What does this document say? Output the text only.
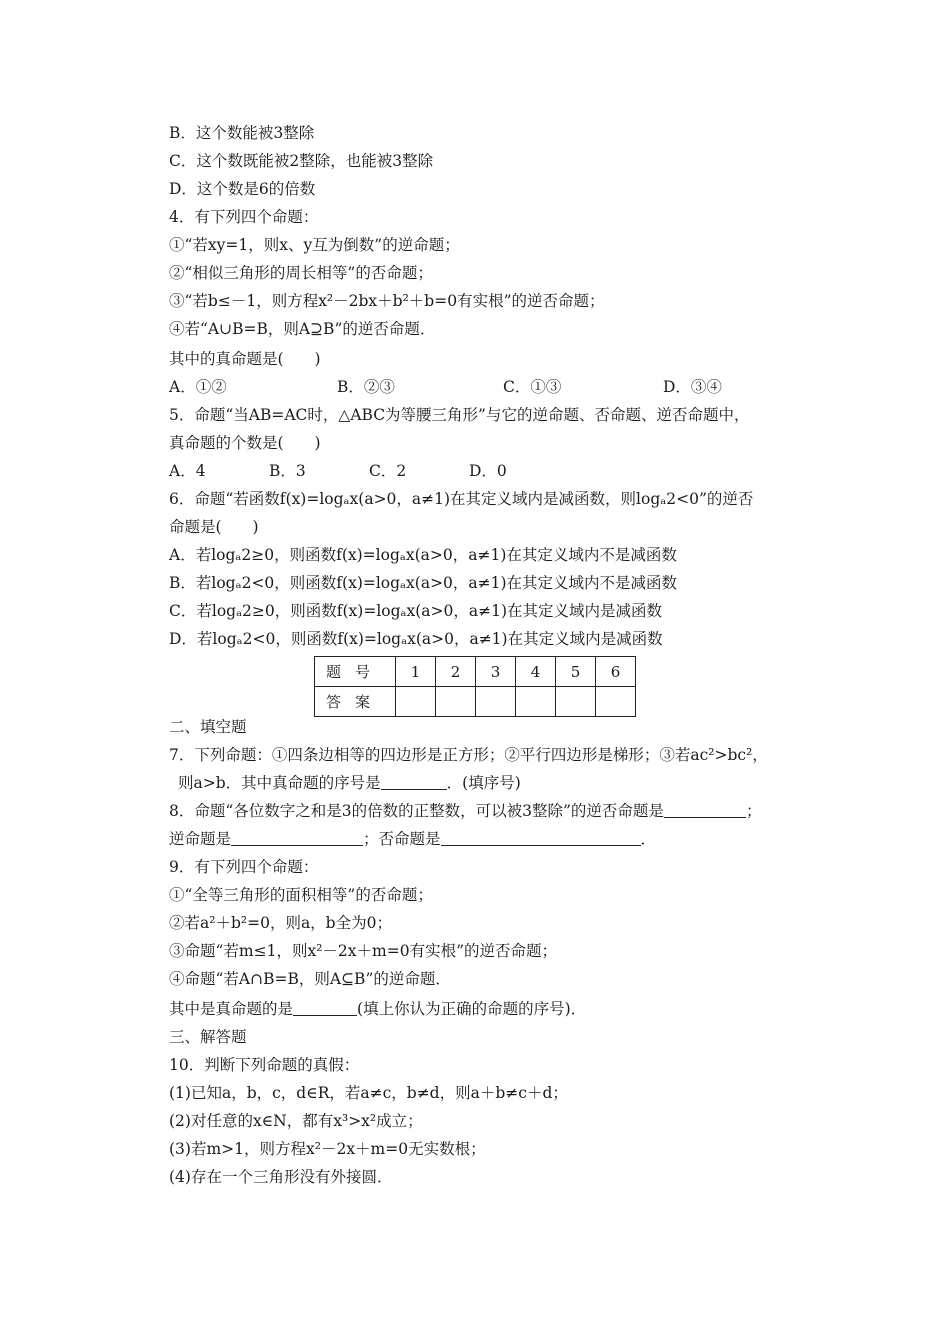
B．这个数能被3整除
C．这个数既能被2整除，也能被3整除
D．这个数是6的倍数
4．有下列四个命题：
①“若xy=1，则x、y互为倒数”的逆命题；
②“相似三角形的周长相等”的否命题；
③“若b≤－1，则方程x²－2bx＋b²＋b=0有实根”的逆否命题；
④若“A∪B=B，则A⊇B”的逆否命题．
其中的真命题是(　　)
A．①②	B．②③	C．①③	D．③④
5．命题“当AB=AC时，△ABC为等腰三角形”与它的逆命题、否命题、逆否命题中，
真命题的个数是(　　)
A．4	B．3	C．2	D．0
6．命题“若函数f(x)=logₐx(a>0，a≠1)在其定义域内是减函数，则logₐ2<0”的逆否
命题是(　　)
A．若logₐ2≥0，则函数f(x)=logₐx(a>0，a≠1)在其定义域内不是减函数
B．若logₐ2<0，则函数f(x)=logₐx(a>0，a≠1)在其定义域内不是减函数
C．若logₐ2≥0，则函数f(x)=logₐx(a>0，a≠1)在其定义域内是减函数
D．若logₐ2<0，则函数f(x)=logₐx(a>0，a≠1)在其定义域内是减函数
题号	1	2	3	4	5	6
答案						
二、填空题
7．下列命题：①四条边相等的四边形是正方形；②平行四边形是梯形；③若ac²>bc²，
则a>b．其中真命题的序号是	．(填序号)
8．命题“各位数字之和是3的倍数的正整数，可以被3整除”的逆否命题是	；
逆命题是	；否命题是	．
9．有下列四个命题：
①“全等三角形的面积相等”的否命题；
②若a²＋b²=0，则a，b全为0；
③命题“若m≤1，则x²－2x＋m=0有实根”的逆否命题；
④命题“若A∩B=B，则A⊆B”的逆命题．
其中是真命题的是	(填上你认为正确的命题的序号)．
三、解答题
10．判断下列命题的真假：
(1)已知a，b，c，d∈R，若a≠c，b≠d，则a＋b≠c＋d；
(2)对任意的x∈N，都有x³>x²成立；
(3)若m>1，则方程x²－2x＋m=0无实数根；
(4)存在一个三角形没有外接圆．
